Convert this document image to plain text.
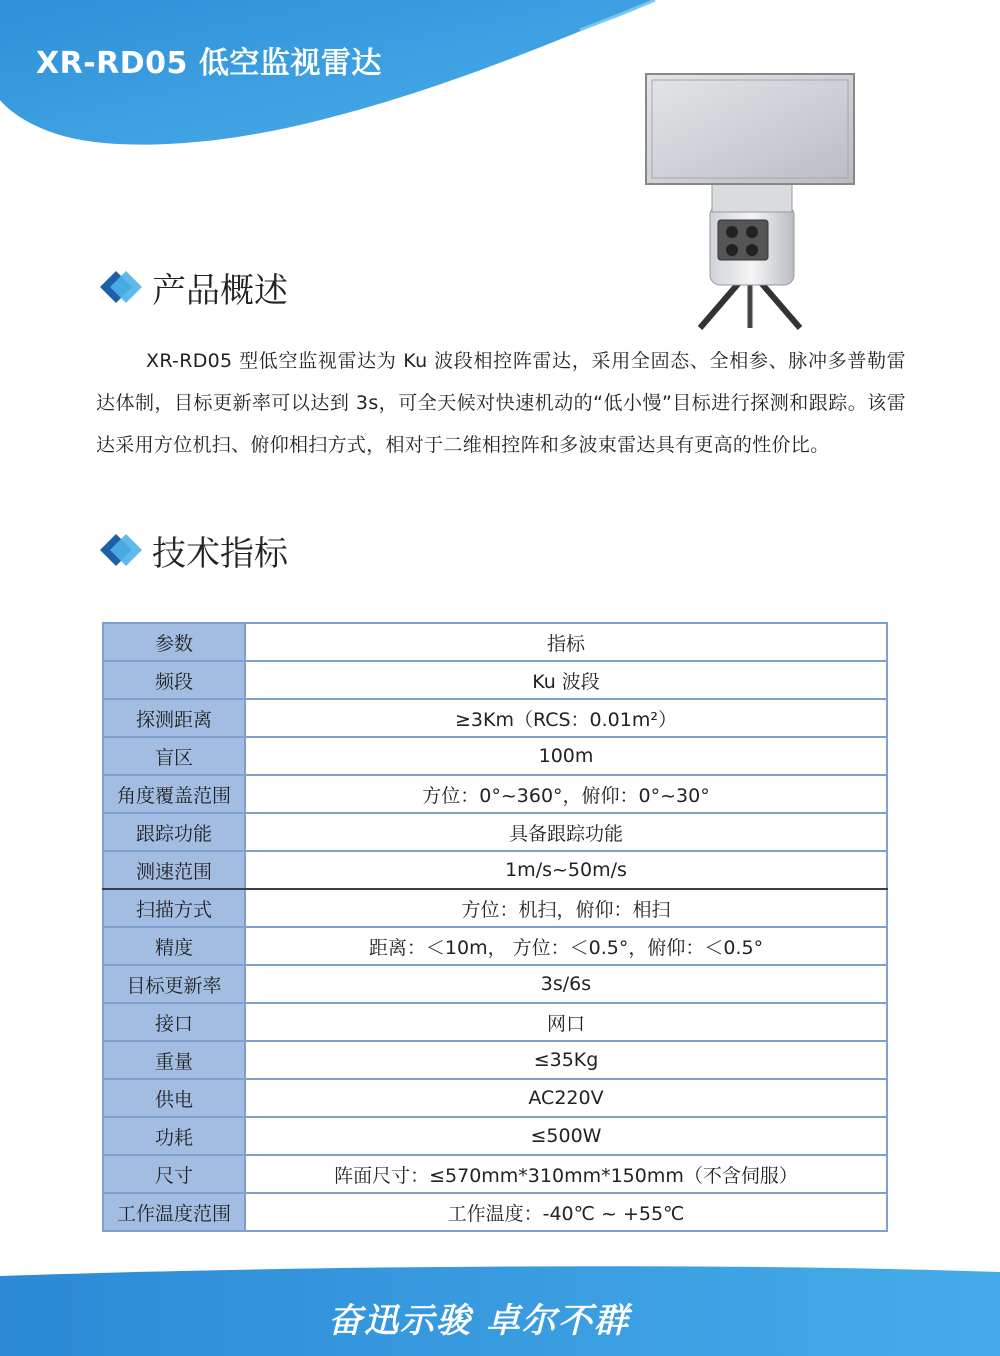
XR-RD05 低空监视雷达
产品概述
XR-RD05 型低空监视雷达为 Ku 波段相控阵雷达，采用全固态、全相参、脉冲多普勒雷达体制，目标更新率可以达到 3s，可全天候对快速机动的“低小慢”目标进行探测和跟踪。该雷达采用方位机扫、俯仰相扫方式，相对于二维相控阵和多波束雷达具有更高的性价比。
技术指标
参数	指标
频段	Ku 波段
探测距离	≥3Km（RCS：0.01m²）
盲区	100m
角度覆盖范围	方位：0°~360°，俯仰：0°~30°
跟踪功能	具备跟踪功能
测速范围	1m/s~50m/s
扫描方式	方位：机扫，俯仰：相扫
精度	距离：＜10m， 方位：＜0.5°，俯仰：＜0.5°
目标更新率	3s/6s
接口	网口
重量	≤35Kg
供电	AC220V
功耗	≤500W
尺寸	阵面尺寸：≤570mm*310mm*150mm（不含伺服）
工作温度范围	工作温度：-40℃ ~ +55℃
奋迅示骏 卓尔不群
